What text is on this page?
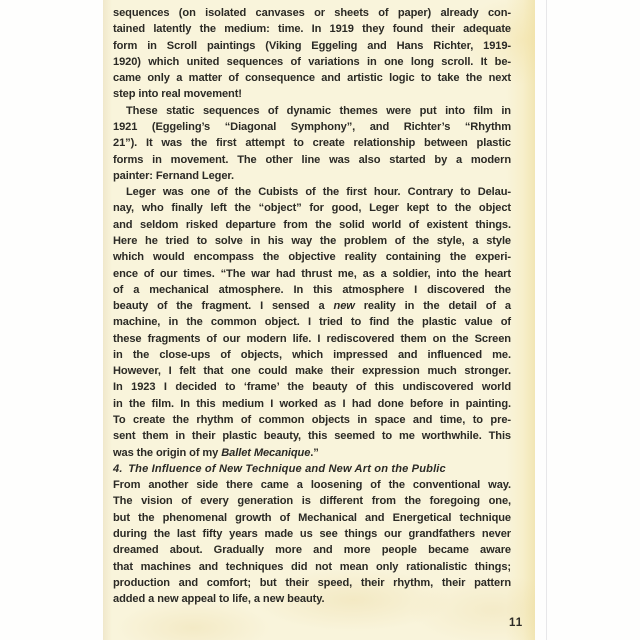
sequences (on isolated canvases or sheets of paper) already con-
tained latently the medium: time. In 1919 they found their adequate
form in Scroll paintings (Viking Eggeling and Hans Richter, 1919-
1920) which united sequences of variations in one long scroll. It be-
came only a matter of consequence and artistic logic to take the next
step into real movement!
These static sequences of dynamic themes were put into film in
1921 (Eggeling’s “Diagonal Symphony”, and Richter’s “Rhythm
21”). It was the first attempt to create relationship between plastic
forms in movement. The other line was also started by a modern
painter: Fernand Leger.
Leger was one of the Cubists of the first hour. Contrary to Delau-
nay, who finally left the “object” for good, Leger kept to the object
and seldom risked departure from the solid world of existent things.
Here he tried to solve in his way the problem of the style, a style
which would encompass the objective reality containing the experi-
ence of our times. “The war had thrust me, as a soldier, into the heart
of a mechanical atmosphere. In this atmosphere I discovered the
beauty of the fragment. I sensed a new reality in the detail of a
machine, in the common object. I tried to find the plastic value of
these fragments of our modern life. I rediscovered them on the Screen
in the close-ups of objects, which impressed and influenced me.
However, I felt that one could make their expression much stronger.
In 1923 I decided to ‘frame’ the beauty of this undiscovered world
in the film. In this medium I worked as I had done before in painting.
To create the rhythm of common objects in space and time, to pre-
sent them in their plastic beauty, this seemed to me worthwhile. This
was the origin of my Ballet Mecanique.”
4. The Influence of New Technique and New Art on the Public
From another side there came a loosening of the conventional way.
The vision of every generation is different from the foregoing one,
but the phenomenal growth of Mechanical and Energetical technique
during the last fifty years made us see things our grandfathers never
dreamed about. Gradually more and more people became aware
that machines and techniques did not mean only rationalistic things;
production and comfort; but their speed, their rhythm, their pattern
added a new appeal to life, a new beauty.
11
